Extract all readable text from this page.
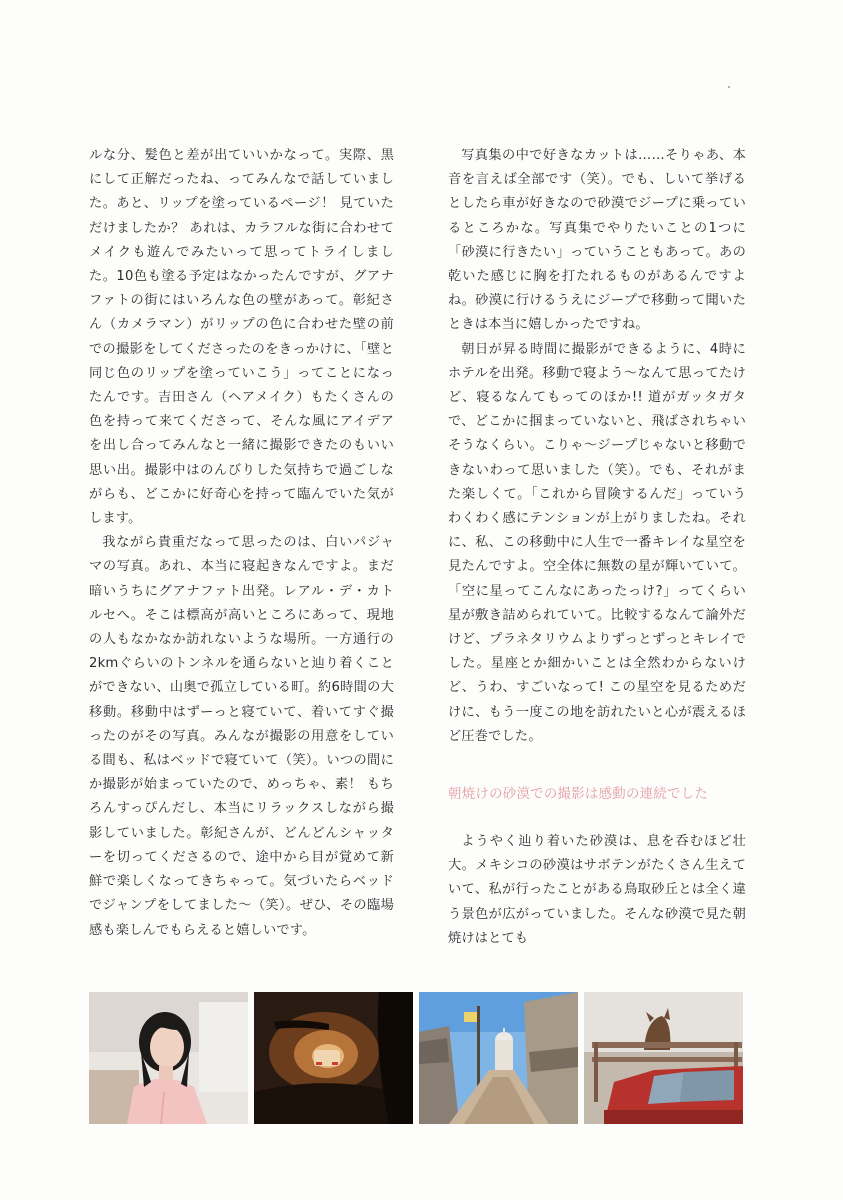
ルな分、髪色と差が出ていいかなって。実際、黒にして正解だったね、ってみんなで話していました。あと、リップを塗っているページ！ 見ていただけましたか？ あれは、カラフルな街に合わせてメイクも遊んでみたいって思ってトライしました。10色も塗る予定はなかったんですが、グアナファトの街にはいろんな色の壁があって。彰紀さん（カメラマン）がリップの色に合わせた壁の前での撮影をしてくださったのをきっかけに、「壁と同じ色のリップを塗っていこう」ってことになったんです。吉田さん（ヘアメイク）もたくさんの色を持って来てくださって、そんな風にアイデアを出し合ってみんなと一緒に撮影できたのもいい思い出。撮影中はのんびりした気持ちで過ごしながらも、どこかに好奇心を持って臨んでいた気がします。

我ながら貴重だなって思ったのは、白いパジャマの写真。あれ、本当に寝起きなんですよ。まだ暗いうちにグアナファト出発。レアル・デ・カトルセへ。そこは標高が高いところにあって、現地の人もなかなか訪れないような場所。一方通行の2kmぐらいのトンネルを通らないと辿り着くことができない、山奥で孤立している町。約6時間の大移動。移動中はずーっと寝ていて、着いてすぐ撮ったのがその写真。みんなが撮影の用意をしている間も、私はベッドで寝ていて（笑）。いつの間にか撮影が始まっていたので、めっちゃ、素！ もちろんすっぴんだし、本当にリラックスしながら撮影していました。彰紀さんが、どんどんシャッターを切ってくださるので、途中から目が覚めて新鮮で楽しくなってきちゃって。気づいたらベッドでジャンプをしてました～（笑）。ぜひ、その臨場感も楽しんでもらえると嬉しいです。

写真集の中で好きなカットは……そりゃあ、本音を言えば全部です（笑）。でも、しいて挙げるとしたら車が好きなので砂漠でジープに乗っているところかな。写真集でやりたいことの1つに「砂漠に行きたい」っていうこともあって。あの乾いた感じに胸を打たれるものがあるんですよね。砂漠に行けるうえにジープで移動って聞いたときは本当に嬉しかったですね。

朝日が昇る時間に撮影ができるように、4時にホテルを出発。移動で寝よう～なんて思ってたけど、寝るなんてもってのほか!! 道がガッタガタで、どこかに掴まっていないと、飛ばされちゃいそうなくらい。こりゃ～ジープじゃないと移動できないわって思いました（笑）。でも、それがまた楽しくて。「これから冒険するんだ」っていうわくわく感にテンションが上がりましたね。それに、私、この移動中に人生で一番キレイな星空を見たんですよ。空全体に無数の星が輝いていて。「空に星ってこんなにあったっけ?」ってくらい星が敷き詰められていて。比較するなんて論外だけど、プラネタリウムよりずっとずっとキレイでした。星座とか細かいことは全然わからないけど、うわ、すごいなって! この星空を見るためだけに、もう一度この地を訪れたいと心が震えるほど圧巻でした。

朝焼けの砂漠での撮影は感動の連続でした

ようやく辿り着いた砂漠は、息を呑むほど壮大。メキシコの砂漠はサボテンがたくさん生えていて、私が行ったことがある鳥取砂丘とは全く違う景色が広がっていました。そんな砂漠で見た朝焼けはとても
